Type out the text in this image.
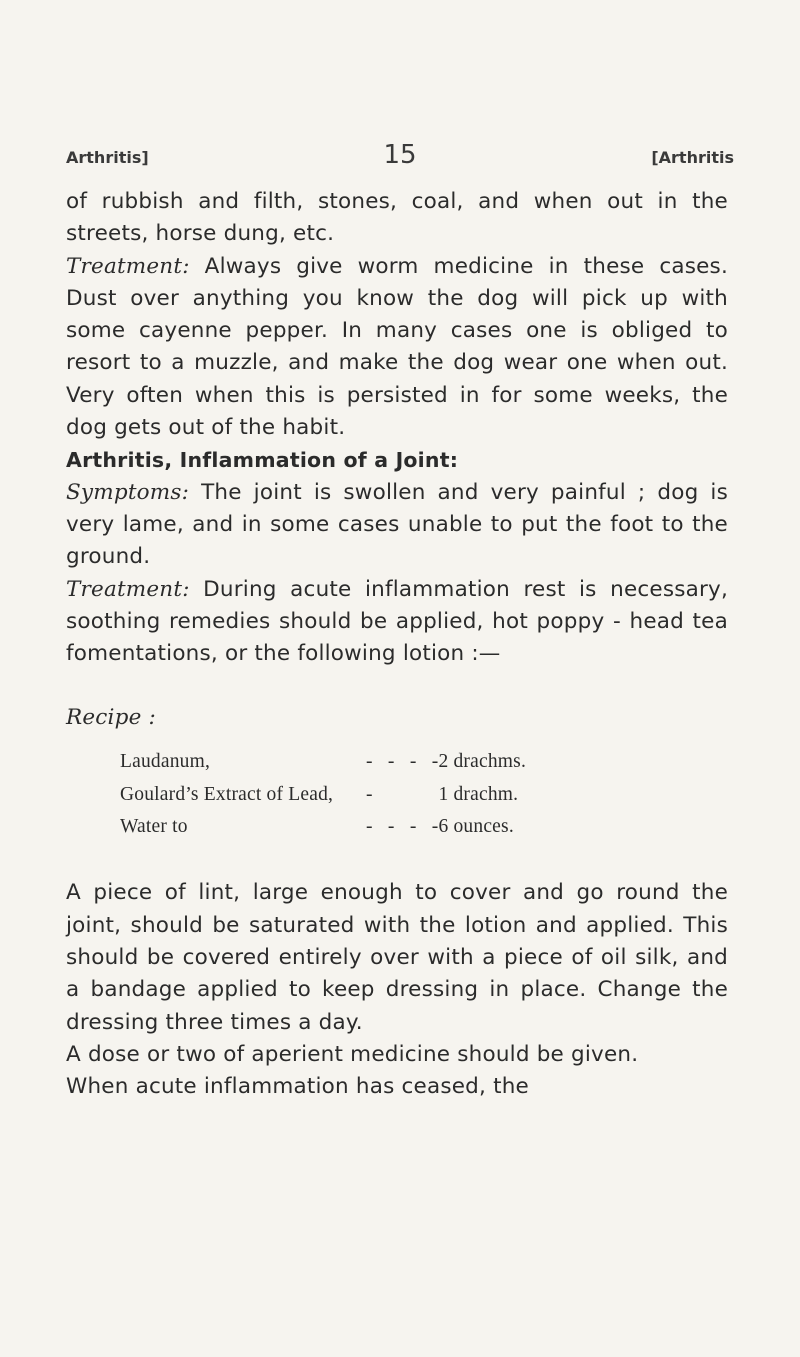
Arthritis]	15	[Arthritis

of rubbish and filth, stones, coal, and when out in the streets, horse dung, etc.

Treatment: Always give worm medicine in these cases. Dust over anything you know the dog will pick up with some cayenne pepper. In many cases one is obliged to resort to a muzzle, and make the dog wear one when out. Very often when this is persisted in for some weeks, the dog gets out of the habit.

Arthritis, Inflammation of a Joint:

Symptoms: The joint is swollen and very painful ; dog is very lame, and in some cases unable to put the foot to the ground.

Treatment: During acute inflammation rest is necessary, soothing remedies should be applied, hot poppy - head tea fomentations, or the following lotion :—

Recipe :
Laudanum,	-   -   -   -	2 drachms.
Goulard’s Extract of Lead,	-	1 drachm.
Water to	-   -   -   -	6 ounces.

A piece of lint, large enough to cover and go round the joint, should be saturated with the lotion and applied. This should be covered entirely over with a piece of oil silk, and a bandage applied to keep dressing in place. Change the dressing three times a day.

A dose or two of aperient medicine should be given.

When acute inflammation has ceased, the
